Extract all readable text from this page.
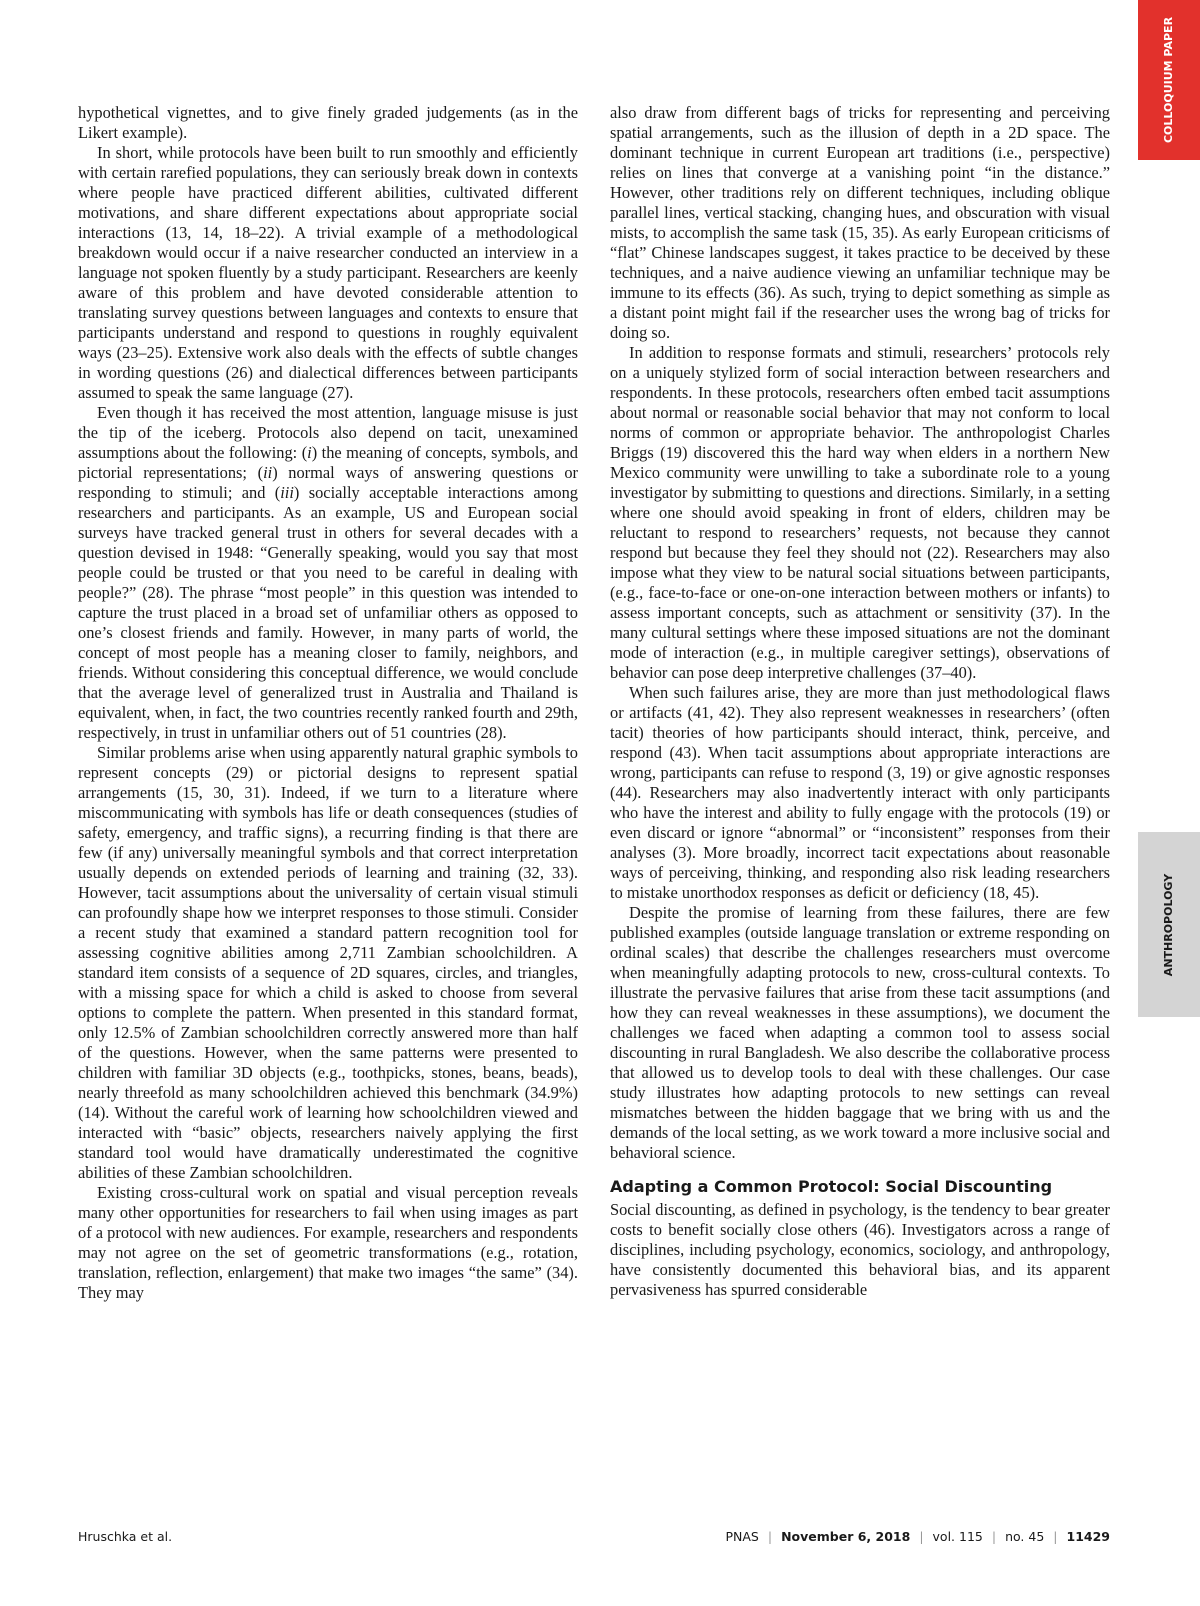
COLLOQUIUM PAPER
ANTHROPOLOGY

hypothetical vignettes, and to give finely graded judgements (as in the Likert example).

In short, while protocols have been built to run smoothly and efficiently with certain rarefied populations, they can seriously break down in contexts where people have practiced different abilities, cultivated different motivations, and share different expectations about appropriate social interactions (13, 14, 18–22). A trivial example of a methodological breakdown would occur if a naive researcher conducted an interview in a language not spoken fluently by a study participant. Researchers are keenly aware of this problem and have devoted considerable attention to translating survey questions between languages and contexts to ensure that participants understand and respond to questions in roughly equivalent ways (23–25). Extensive work also deals with the effects of subtle changes in wording questions (26) and dialectical differences between participants assumed to speak the same language (27).

Even though it has received the most attention, language misuse is just the tip of the iceberg. Protocols also depend on tacit, unexamined assumptions about the following: (i) the meaning of concepts, symbols, and pictorial representations; (ii) normal ways of answering questions or responding to stimuli; and (iii) socially acceptable interactions among researchers and participants. As an example, US and European social surveys have tracked general trust in others for several decades with a question devised in 1948: “Generally speaking, would you say that most people could be trusted or that you need to be careful in dealing with people?” (28). The phrase “most people” in this question was intended to capture the trust placed in a broad set of unfamiliar others as opposed to one’s closest friends and family. However, in many parts of world, the concept of most people has a meaning closer to family, neighbors, and friends. Without considering this conceptual difference, we would conclude that the average level of generalized trust in Australia and Thailand is equivalent, when, in fact, the two countries recently ranked fourth and 29th, respectively, in trust in unfamiliar others out of 51 countries (28).

Similar problems arise when using apparently natural graphic symbols to represent concepts (29) or pictorial designs to represent spatial arrangements (15, 30, 31). Indeed, if we turn to a literature where miscommunicating with symbols has life or death consequences (studies of safety, emergency, and traffic signs), a recurring finding is that there are few (if any) universally meaningful symbols and that correct interpretation usually depends on extended periods of learning and training (32, 33). However, tacit assumptions about the universality of certain visual stimuli can profoundly shape how we interpret responses to those stimuli. Consider a recent study that examined a standard pattern recognition tool for assessing cognitive abilities among 2,711 Zambian schoolchildren. A standard item consists of a sequence of 2D squares, circles, and triangles, with a missing space for which a child is asked to choose from several options to complete the pattern. When presented in this standard format, only 12.5% of Zambian schoolchildren correctly answered more than half of the questions. However, when the same patterns were presented to children with familiar 3D objects (e.g., toothpicks, stones, beans, beads), nearly threefold as many schoolchildren achieved this benchmark (34.9%) (14). Without the careful work of learning how schoolchildren viewed and interacted with “basic” objects, researchers naively applying the first standard tool would have dramatically underestimated the cognitive abilities of these Zambian schoolchildren.

Existing cross-cultural work on spatial and visual perception reveals many other opportunities for researchers to fail when using images as part of a protocol with new audiences. For example, researchers and respondents may not agree on the set of geometric transformations (e.g., rotation, translation, reflection, enlargement) that make two images “the same” (34). They may

also draw from different bags of tricks for representing and perceiving spatial arrangements, such as the illusion of depth in a 2D space. The dominant technique in current European art traditions (i.e., perspective) relies on lines that converge at a vanishing point “in the distance.” However, other traditions rely on different techniques, including oblique parallel lines, vertical stacking, changing hues, and obscuration with visual mists, to accomplish the same task (15, 35). As early European criticisms of “flat” Chinese landscapes suggest, it takes practice to be deceived by these techniques, and a naive audience viewing an unfamiliar technique may be immune to its effects (36). As such, trying to depict something as simple as a distant point might fail if the researcher uses the wrong bag of tricks for doing so.

In addition to response formats and stimuli, researchers’ protocols rely on a uniquely stylized form of social interaction between researchers and respondents. In these protocols, researchers often embed tacit assumptions about normal or reasonable social behavior that may not conform to local norms of common or appropriate behavior. The anthropologist Charles Briggs (19) discovered this the hard way when elders in a northern New Mexico community were unwilling to take a subordinate role to a young investigator by submitting to questions and directions. Similarly, in a setting where one should avoid speaking in front of elders, children may be reluctant to respond to researchers’ requests, not because they cannot respond but because they feel they should not (22). Researchers may also impose what they view to be natural social situations between participants, (e.g., face-to-face or one-on-one interaction between mothers or infants) to assess important concepts, such as attachment or sensitivity (37). In the many cultural settings where these imposed situations are not the dominant mode of interaction (e.g., in multiple caregiver settings), observations of behavior can pose deep interpretive challenges (37–40).

When such failures arise, they are more than just methodological flaws or artifacts (41, 42). They also represent weaknesses in researchers’ (often tacit) theories of how participants should interact, think, perceive, and respond (43). When tacit assumptions about appropriate interactions are wrong, participants can refuse to respond (3, 19) or give agnostic responses (44). Researchers may also inadvertently interact with only participants who have the interest and ability to fully engage with the protocols (19) or even discard or ignore “abnormal” or “inconsistent” responses from their analyses (3). More broadly, incorrect tacit expectations about reasonable ways of perceiving, thinking, and responding also risk leading researchers to mistake unorthodox responses as deficit or deficiency (18, 45).

Despite the promise of learning from these failures, there are few published examples (outside language translation or extreme responding on ordinal scales) that describe the challenges researchers must overcome when meaningfully adapting protocols to new, cross-cultural contexts. To illustrate the pervasive failures that arise from these tacit assumptions (and how they can reveal weaknesses in these assumptions), we document the challenges we faced when adapting a common tool to assess social discounting in rural Bangladesh. We also describe the collaborative process that allowed us to develop tools to deal with these challenges. Our case study illustrates how adapting protocols to new settings can reveal mismatches between the hidden baggage that we bring with us and the demands of the local setting, as we work toward a more inclusive social and behavioral science.

Adapting a Common Protocol: Social Discounting

Social discounting, as defined in psychology, is the tendency to bear greater costs to benefit socially close others (46). Investigators across a range of disciplines, including psychology, economics, sociology, and anthropology, have consistently documented this behavioral bias, and its apparent pervasiveness has spurred considerable

Hruschka et al.	PNAS | November 6, 2018 | vol. 115 | no. 45 | 11429
